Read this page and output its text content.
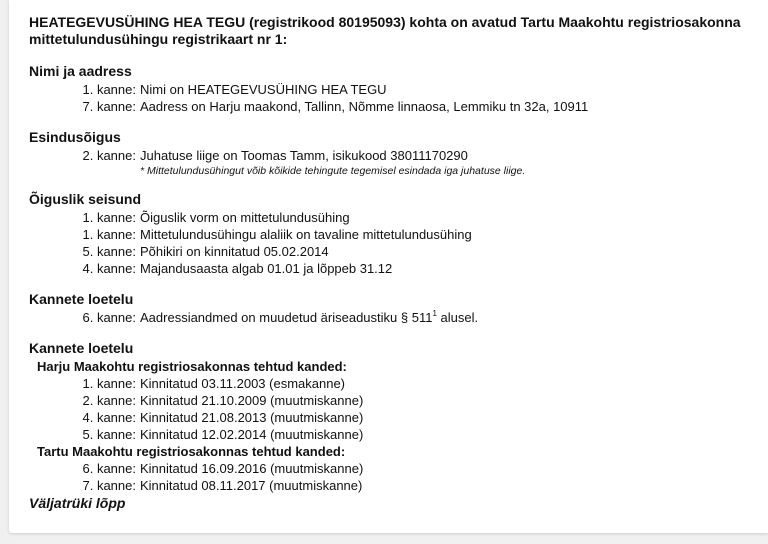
HEATEGEVUSÜHING HEA TEGU (registrikood 80195093) kohta on avatud Tartu Maakohtu registriosakonna mittetulundusühingu registrikaart nr 1:

Nimi ja aadress

1. kanne: Nimi on HEATEGEVUSÜHING HEA TEGU
7. kanne: Aadress on Harju maakond, Tallinn, Nõmme linnaosa, Lemmiku tn 32a, 10911

Esindusõigus

2. kanne: Juhatuse liige on Toomas Tamm, isikukood 38011170290
* Mittetulundusühingut võib kõikide tehingute tegemisel esindada iga juhatuse liige.

Õiguslik seisund

1. kanne: Õiguslik vorm on mittetulundusühing
1. kanne: Mittetulundusühingu alaliik on tavaline mittetulundusühing
5. kanne: Põhikiri on kinnitatud 05.02.2014
4. kanne: Majandusaasta algab 01.01 ja lõppeb 31.12

Kannete loetelu

6. kanne: Aadressiandmed on muudetud äriseadustiku § $511^1$ alusel.

Kannete loetelu

Harju Maakohtu registriosakonnas tehtud kanded:
1. kanne: Kinnitatud 03.11.2003 (esmakanne)
2. kanne: Kinnitatud 21.10.2009 (muutmiskanne)
4. kanne: Kinnitatud 21.08.2013 (muutmiskanne)
5. kanne: Kinnitatud 12.02.2014 (muutmiskanne)
Tartu Maakohtu registriosakonnas tehtud kanded:
6. kanne: Kinnitatud 16.09.2016 (muutmiskanne)
7. kanne: Kinnitatud 08.11.2017 (muutmiskanne)
Väljatrüki lõpp
